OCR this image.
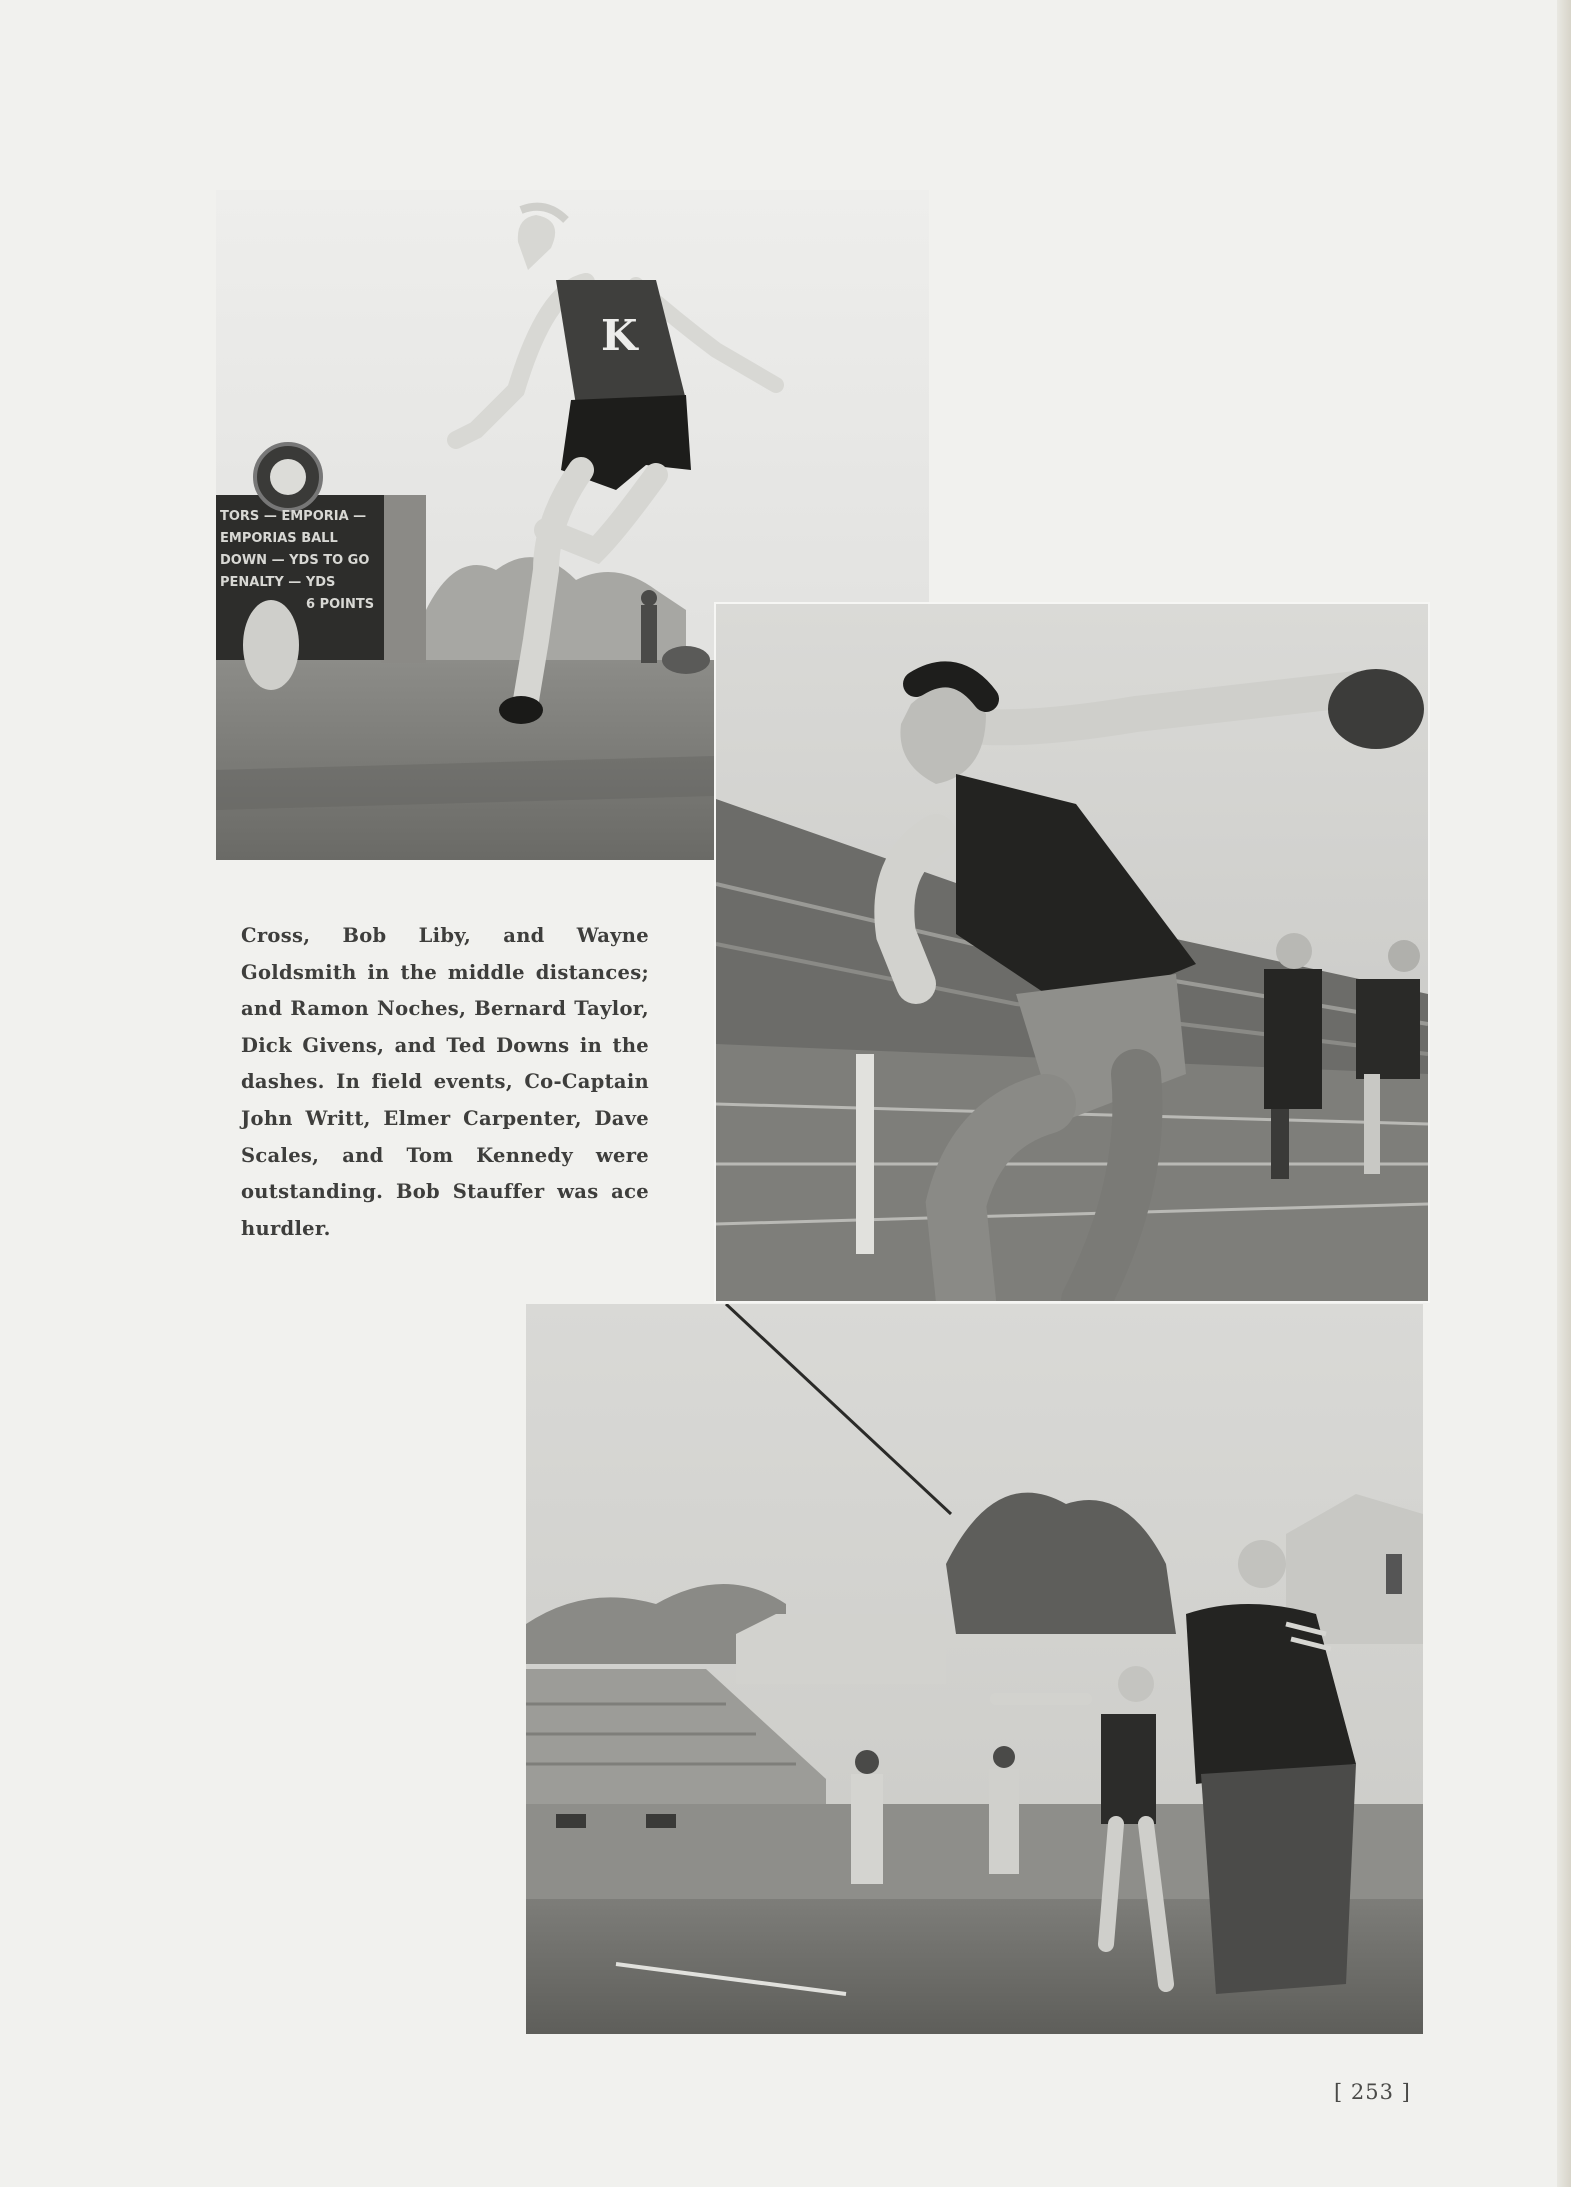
TORS — EMPORIA —
EMPORIAS BALL
DOWN — YDS TO GO
PENALTY — YDS
6 POINTS
K

Cross, Bob Liby, and Wayne Goldsmith in the middle distances; and Ramon Noches, Bernard Taylor, Dick Givens, and Ted Downs in the dashes. In field events, Co-Captain John Writt, Elmer Carpenter, Dave Scales, and Tom Kennedy were outstanding. Bob Stauffer was ace hurdler.

[ 253 ]
